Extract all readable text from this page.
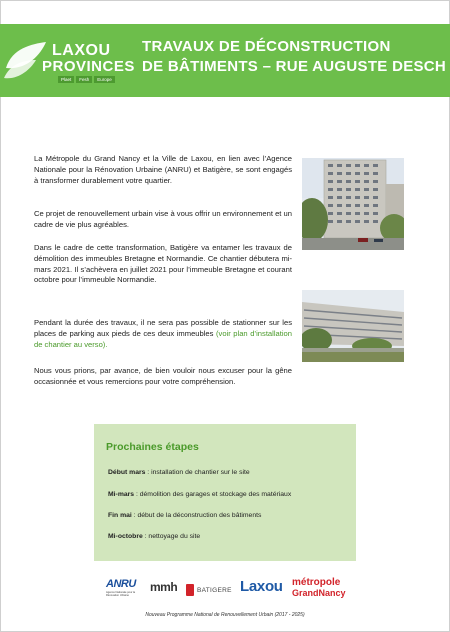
LAXOU
PROVINCES
Plaet	Fesh	Europe
TRAVAUX DE DÉCONSTRUCTION
DE BÂTIMENTS – RUE AUGUSTE DESCH
La Métropole du Grand Nancy et la Ville de Laxou, en lien avec l’Agence Nationale pour la Rénovation Urbaine (ANRU) et Batigère, se sont engagés à transformer durablement votre quartier.
Ce projet de renouvellement urbain vise à vous offrir un environnement et un cadre de vie plus agréables.
Dans le cadre de cette transformation, Batigère va entamer les travaux de démolition des immeubles Bretagne et Normandie. Ce chantier débutera mi-mars 2021. Il s’achèvera en juillet 2021 pour l’immeuble Bretagne et courant octobre pour l’immeuble Normandie.
Pendant la durée des travaux, il ne sera pas possible de stationner sur les places de parking aux pieds de ces deux immeubles (voir plan d’installation de chantier au verso).
Nous vous prions, par avance, de bien vouloir nous excuser pour la gêne occasionnée et vous remercions pour votre compréhension.
Prochaines étapes
Début mars : installation de chantier sur le site
Mi-mars : démolition des garages et stockage des matériaux
Fin mai : début de la déconstruction des bâtiments
Mi-octobre : nettoyage du site
ANRU
Agence Nationale pour la Rénovation Urbaine
mmh	BATIGERE Laxou métropole
GrandNancy
Nouveau Programme National de Renouvellement Urbain (2017 - 2025)
